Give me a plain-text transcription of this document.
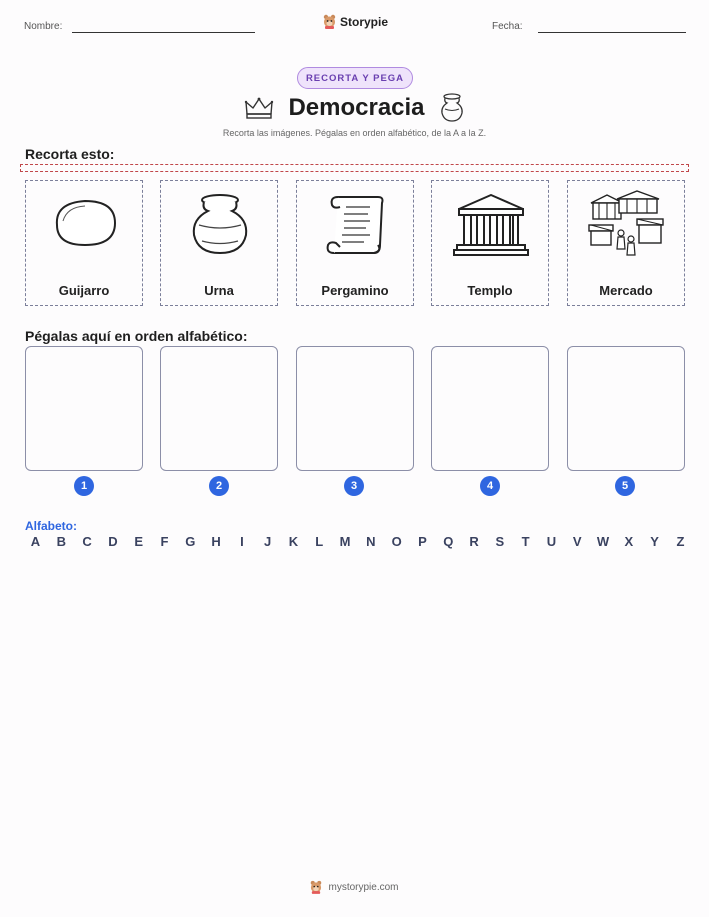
Nombre:	Storypie	Fecha:
RECORTA Y PEGA
Democracia
Recorta las imágenes. Pégalas en orden alfabético, de la A a la Z.
Recorta esto:
Guijarro	Urna	Pergamino	Templo	Mercado
Pégalas aquí en orden alfabético:
1	2	3	4	5
Alfabeto:
A B C D E F G H	I	J K L M N O P Q R S T U V W X Y Z
mystorypie.com
